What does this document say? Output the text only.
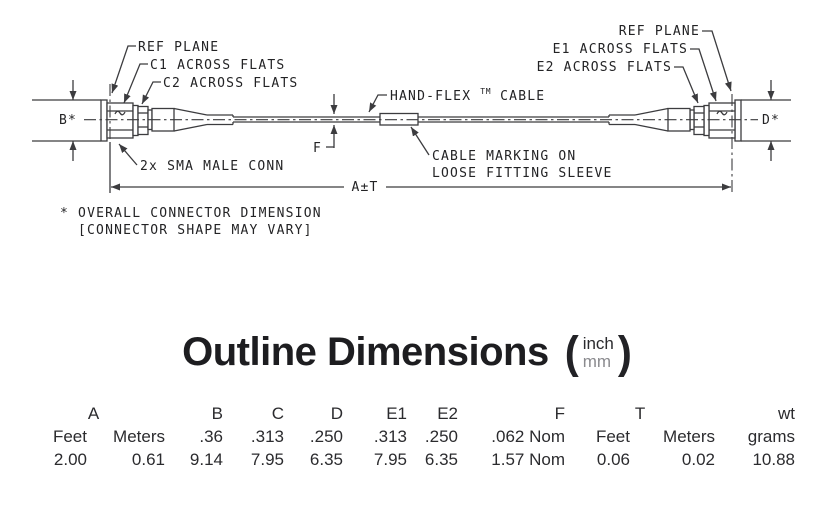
REF PLANE
C1 ACROSS FLATS
C2 ACROSS FLATS
B*
2x SMA MALE CONN
HAND-FLEX ™ CABLE
F
CABLE MARKING ON
LOOSE FITTING SLEEVE
A±T
REF PLANE
E1 ACROSS FLATS
E2 ACROSS FLATS
D*
* OVERALL CONNECTOR DIMENSION
[CONNECTOR SHAPE MAY VARY]
Outline Dimensions ( inch
mm )
A		B	C	D	E1	E2	F	T		wt
Feet	Meters	.36	.313	.250	.313	.250	.062 Nom	Feet	Meters	grams
2.00	0.61	9.14	7.95	6.35	7.95	6.35	1.57 Nom	0.06	0.02	10.88
